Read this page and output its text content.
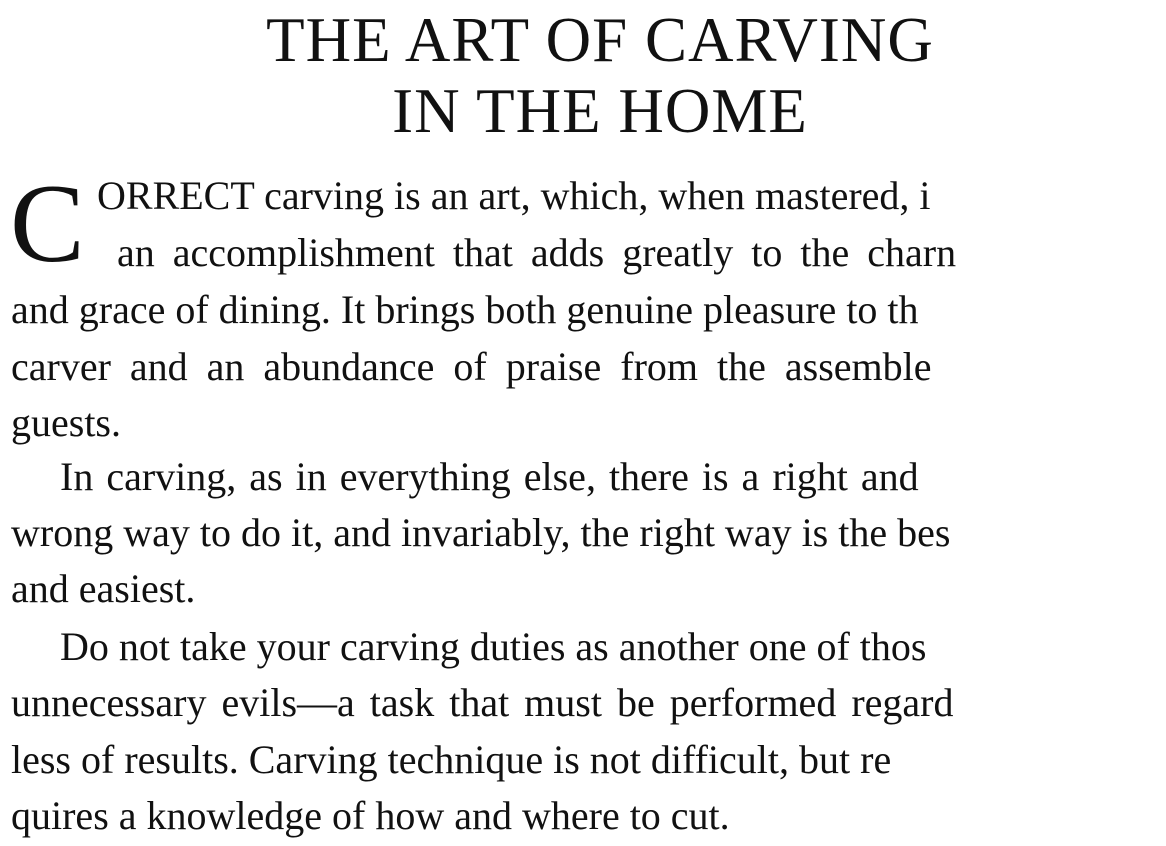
THE ART OF CARVING
IN THE HOME
C ORRECT carving is an art, which, when mastered, i
an accomplishment that adds greatly to the charn
and grace of dining. It brings both genuine pleasure to th
carver and an abundance of praise from the assemble
guests.
In carving, as in everything else, there is a right and
wrong way to do it, and invariably, the right way is the bes
and easiest.
Do not take your carving duties as another one of thos
unnecessary evils—a task that must be performed regard
less of results. Carving technique is not difficult, but re
quires a knowledge of how and where to cut.
